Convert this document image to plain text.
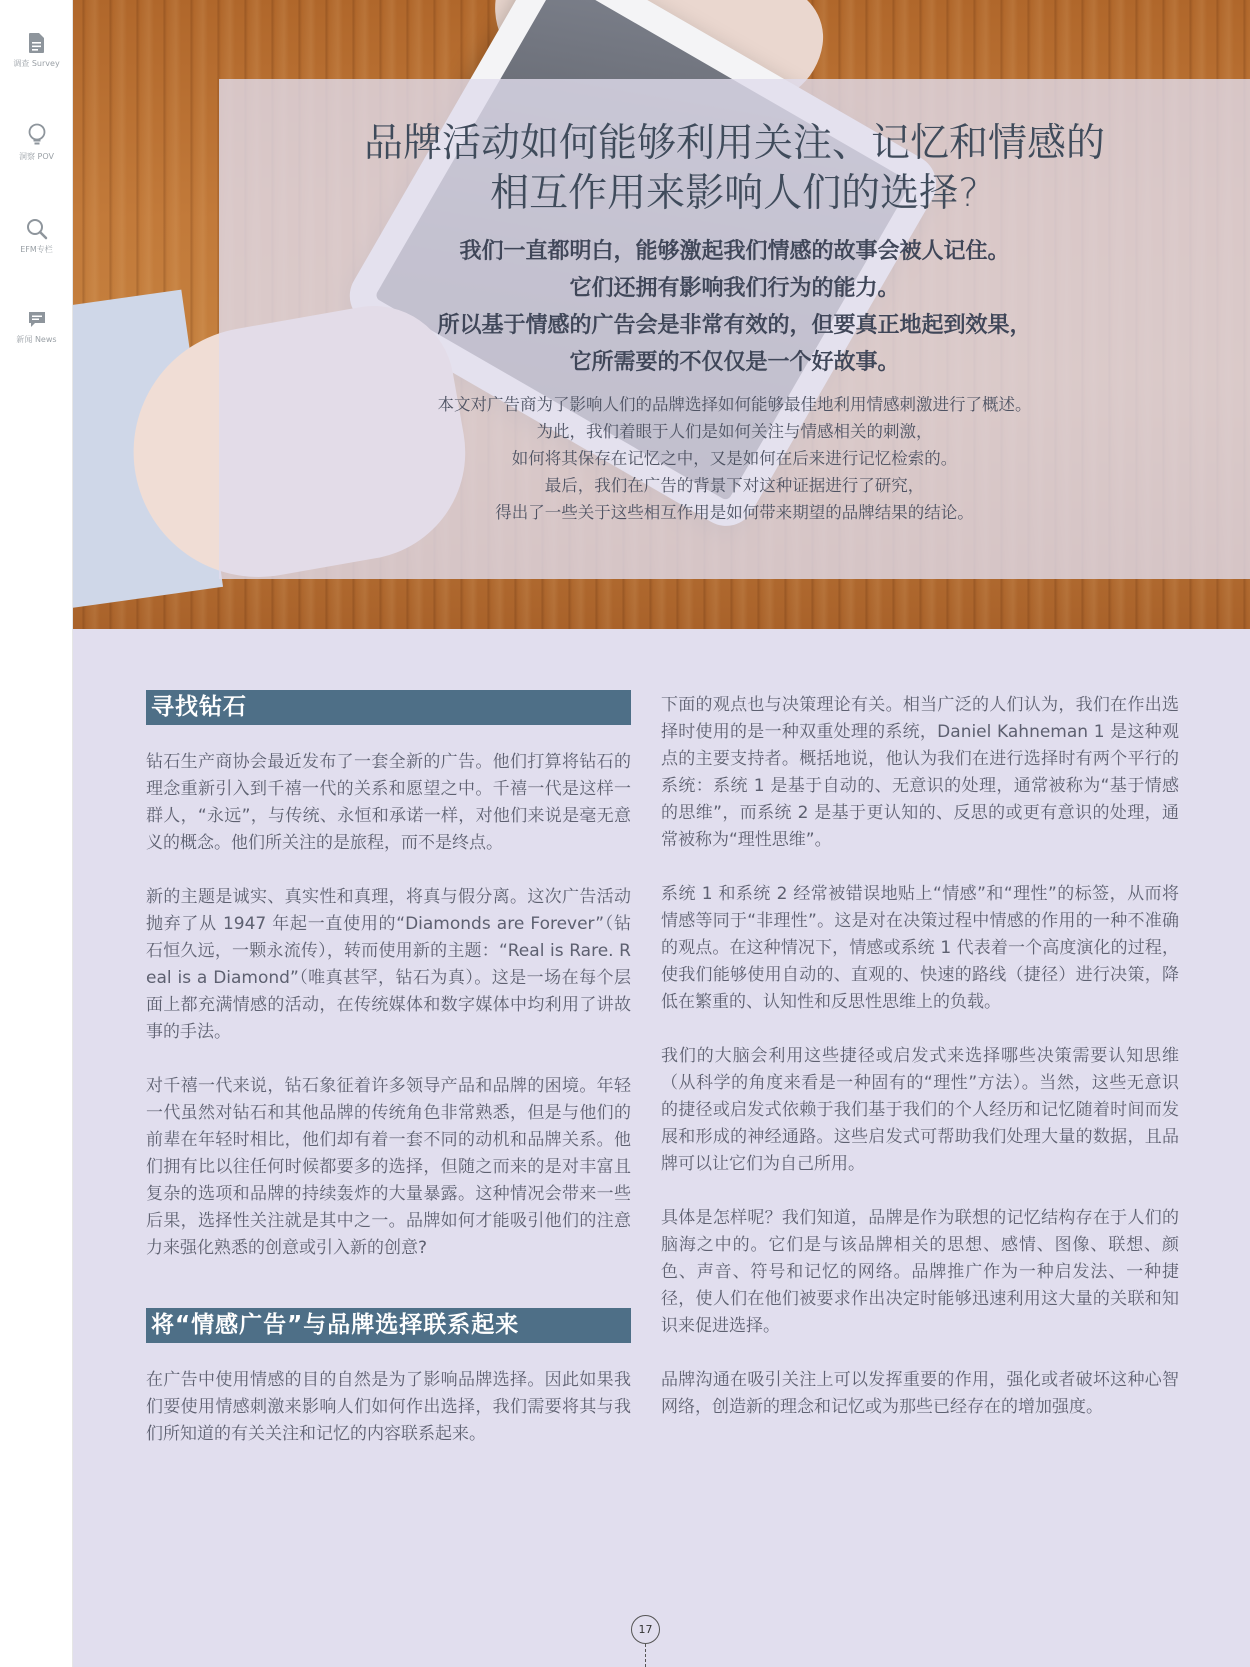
调查 Survey
洞察 POV
EFM专栏
新闻 News
品牌活动如何能够利用关注、记忆和情感的
相互作用来影响人们的选择?
我们一直都明白，能够激起我们情感的故事会被人记住。
它们还拥有影响我们行为的能力。
所以基于情感的广告会是非常有效的，但要真正地起到效果，
它所需要的不仅仅是一个好故事。
本文对广告商为了影响人们的品牌选择如何能够最佳地利用情感刺激进行了概述。
为此，我们着眼于人们是如何关注与情感相关的刺激，
如何将其保存在记忆之中，又是如何在后来进行记忆检索的。
最后，我们在广告的背景下对这种证据进行了研究，
得出了一些关于这些相互作用是如何带来期望的品牌结果的结论。
寻找钻石

钻石生产商协会最近发布了一套全新的广告。他们打算将钻石的理念重新引入到千禧一代的关系和愿望之中。千禧一代是这样一群人，“永远”，与传统、永恒和承诺一样，对他们来说是毫无意义的概念。他们所关注的是旅程，而不是终点。

新的主题是诚实、真实性和真理，将真与假分离。这次广告活动抛弃了从 1947 年起一直使用的“Diamonds are Forever”（钻石恒久远，一颗永流传），转而使用新的主题：“Real is Rare. Real is a Diamond”（唯真甚罕，钻石为真）。这是一场在每个层面上都充满情感的活动，在传统媒体和数字媒体中均利用了讲故事的手法。

对千禧一代来说，钻石象征着许多领导产品和品牌的困境。年轻一代虽然对钻石和其他品牌的传统角色非常熟悉，但是与他们的前辈在年轻时相比，他们却有着一套不同的动机和品牌关系。他们拥有比以往任何时候都要多的选择，但随之而来的是对丰富且复杂的选项和品牌的持续轰炸的大量暴露。这种情况会带来一些后果，选择性关注就是其中之一。品牌如何才能吸引他们的注意力来强化熟悉的创意或引入新的创意?

将“情感广告”与品牌选择联系起来

在广告中使用情感的目的自然是为了影响品牌选择。因此如果我们要使用情感刺激来影响人们如何作出选择，我们需要将其与我们所知道的有关关注和记忆的内容联系起来。

下面的观点也与决策理论有关。相当广泛的人们认为，我们在作出选择时使用的是一种双重处理的系统，Daniel Kahneman 1 是这种观点的主要支持者。概括地说，他认为我们在进行选择时有两个平行的系统：系统 1 是基于自动的、无意识的处理，通常被称为“基于情感的思维”，而系统 2 是基于更认知的、反思的或更有意识的处理，通常被称为“理性思维”。

系统 1 和系统 2 经常被错误地贴上“情感”和“理性”的标签，从而将情感等同于“非理性”。这是对在决策过程中情感的作用的一种不准确的观点。在这种情况下，情感或系统 1 代表着一个高度演化的过程，使我们能够使用自动的、直观的、快速的路线（捷径）进行决策，降低在繁重的、认知性和反思性思维上的负载。

我们的大脑会利用这些捷径或启发式来选择哪些决策需要认知思维（从科学的角度来看是一种固有的“理性”方法）。当然，这些无意识的捷径或启发式依赖于我们基于我们的个人经历和记忆随着时间而发展和形成的神经通路。这些启发式可帮助我们处理大量的数据，且品牌可以让它们为自己所用。

具体是怎样呢？我们知道，品牌是作为联想的记忆结构存在于人们的脑海之中的。它们是与该品牌相关的思想、感情、图像、联想、颜色、声音、符号和记忆的网络。品牌推广作为一种启发法、一种捷径，使人们在他们被要求作出决定时能够迅速利用这大量的关联和知识来促进选择。

品牌沟通在吸引关注上可以发挥重要的作用，强化或者破坏这种心智网络，创造新的理念和记忆或为那些已经存在的增加强度。

17
